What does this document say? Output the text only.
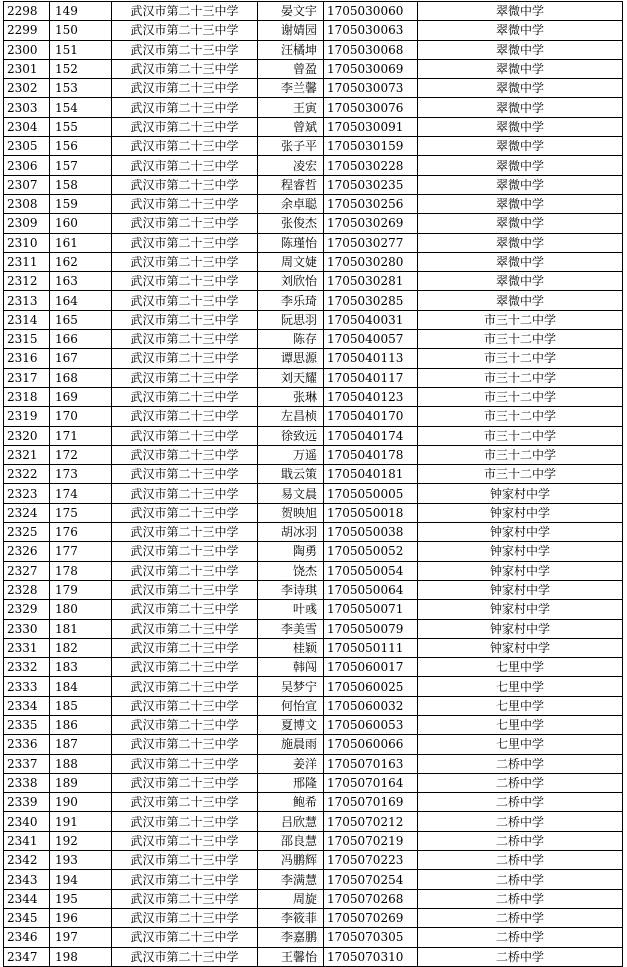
2298	149	武汉市第二十三中学	晏文宇	1705030060	翠微中学
2299	150	武汉市第二十三中学	谢婧园	1705030063	翠微中学
2300	151	武汉市第二十三中学	汪橘坤	1705030068	翠微中学
2301	152	武汉市第二十三中学	曾盈	1705030069	翠微中学
2302	153	武汉市第二十三中学	李兰馨	1705030073	翠微中学
2303	154	武汉市第二十三中学	王寅	1705030076	翠微中学
2304	155	武汉市第二十三中学	曾斌	1705030091	翠微中学
2305	156	武汉市第二十三中学	张子平	1705030159	翠微中学
2306	157	武汉市第二十三中学	凌宏	1705030228	翠微中学
2307	158	武汉市第二十三中学	程睿哲	1705030235	翠微中学
2308	159	武汉市第二十三中学	余卓聪	1705030256	翠微中学
2309	160	武汉市第二十三中学	张俊杰	1705030269	翠微中学
2310	161	武汉市第二十三中学	陈瑾怡	1705030277	翠微中学
2311	162	武汉市第二十三中学	周文婕	1705030280	翠微中学
2312	163	武汉市第二十三中学	刘欣怡	1705030281	翠微中学
2313	164	武汉市第二十三中学	李乐琦	1705030285	翠微中学
2314	165	武汉市第二十三中学	阮思羽	1705040031	市三十二中学
2315	166	武汉市第二十三中学	陈存	1705040057	市三十二中学
2316	167	武汉市第二十三中学	谭思源	1705040113	市三十二中学
2317	168	武汉市第二十三中学	刘天耀	1705040117	市三十二中学
2318	169	武汉市第二十三中学	张琳	1705040123	市三十二中学
2319	170	武汉市第二十三中学	左昌桢	1705040170	市三十二中学
2320	171	武汉市第二十三中学	徐致远	1705040174	市三十二中学
2321	172	武汉市第二十三中学	万遥	1705040178	市三十二中学
2322	173	武汉市第二十三中学	戢云策	1705040181	市三十二中学
2323	174	武汉市第二十三中学	易文晨	1705050005	钟家村中学
2324	175	武汉市第二十三中学	贺映旭	1705050018	钟家村中学
2325	176	武汉市第二十三中学	胡冰羽	1705050038	钟家村中学
2326	177	武汉市第二十三中学	陶勇	1705050052	钟家村中学
2327	178	武汉市第二十三中学	饶杰	1705050054	钟家村中学
2328	179	武汉市第二十三中学	李诗琪	1705050064	钟家村中学
2329	180	武汉市第二十三中学	叶彧	1705050071	钟家村中学
2330	181	武汉市第二十三中学	李美雪	1705050079	钟家村中学
2331	182	武汉市第二十三中学	桂颖	1705050111	钟家村中学
2332	183	武汉市第二十三中学	韩闯	1705060017	七里中学
2333	184	武汉市第二十三中学	吴梦宁	1705060025	七里中学
2334	185	武汉市第二十三中学	何怡宣	1705060032	七里中学
2335	186	武汉市第二十三中学	夏博文	1705060053	七里中学
2336	187	武汉市第二十三中学	施晨雨	1705060066	七里中学
2337	188	武汉市第二十三中学	姜洋	1705070163	二桥中学
2338	189	武汉市第二十三中学	邢隆	1705070164	二桥中学
2339	190	武汉市第二十三中学	鲍希	1705070169	二桥中学
2340	191	武汉市第二十三中学	吕欣慧	1705070212	二桥中学
2341	192	武汉市第二十三中学	邵良慧	1705070219	二桥中学
2342	193	武汉市第二十三中学	冯鹏辉	1705070223	二桥中学
2343	194	武汉市第二十三中学	李满慧	1705070254	二桥中学
2344	195	武汉市第二十三中学	周旋	1705070268	二桥中学
2345	196	武汉市第二十三中学	李筱菲	1705070269	二桥中学
2346	197	武汉市第二十三中学	李嘉鹏	1705070305	二桥中学
2347	198	武汉市第二十三中学	王馨怡	1705070310	二桥中学
